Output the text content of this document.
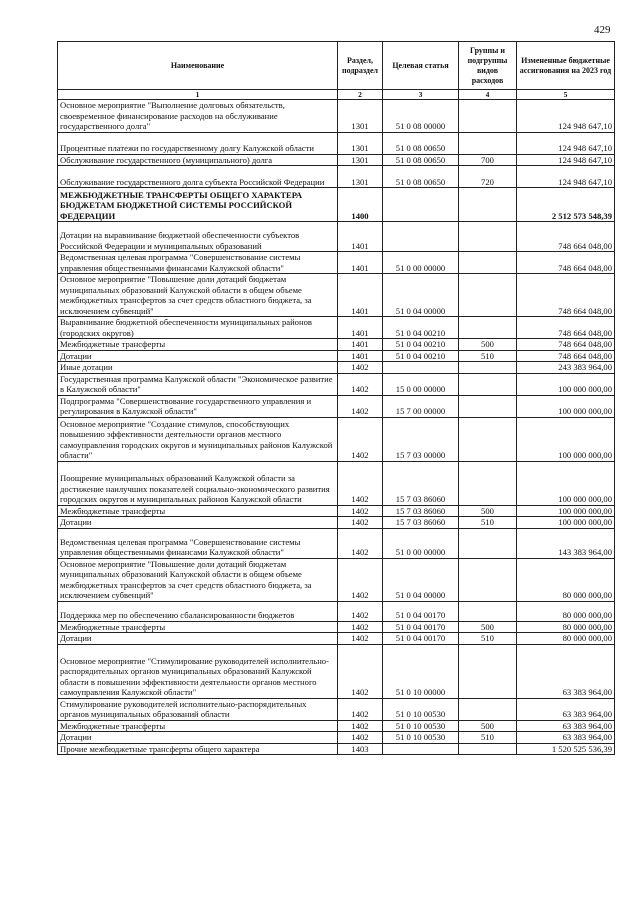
429
Наименование	Раздел, подраздел	Целевая статья	Группы и подгруппы видов расходов	Измененные бюджетные ассигнования на 2023 год
1	2	3	4	5
Основное мероприятие "Выполнение долговых обязательств, своевременное финансирование расходов на обслуживание государственного долга"	1301	51 0 08 00000		124 948 647,10
Процентные платежи по государственному долгу Калужской области	1301	51 0 08 00650		124 948 647,10
Обслуживание государственного (муниципального) долга	1301	51 0 08 00650	700	124 948 647,10
Обслуживание государственного долга субъекта Российской Федерации	1301	51 0 08 00650	720	124 948 647,10
МЕЖБЮДЖЕТНЫЕ ТРАНСФЕРТЫ ОБЩЕГО ХАРАКТЕРА БЮДЖЕТАМ БЮДЖЕТНОЙ СИСТЕМЫ РОССИЙСКОЙ ФЕДЕРАЦИИ	1400			2 512 573 548,39
Дотации на выравнивание бюджетной обеспеченности субъектов Российской Федерации и муниципальных образований	1401			748 664 048,00
Ведомственная целевая программа "Совершенствование системы управления общественными финансами Калужской области"	1401	51 0 00 00000		748 664 048,00
Основное мероприятие "Повышение доли дотаций бюджетам муниципальных образований Калужской области в общем объеме межбюджетных трансфертов за счет средств областного бюджета, за исключением субвенций"	1401	51 0 04 00000		748 664 048,00
Выравнивание бюджетной обеспеченности муниципальных районов (городских округов)	1401	51 0 04 00210		748 664 048,00
Межбюджетные трансферты	1401	51 0 04 00210	500	748 664 048,00
Дотации	1401	51 0 04 00210	510	748 664 048,00
Иные дотации	1402			243 383 964,00
Государственная программа Калужской области "Экономическое развитие в Калужской области"	1402	15 0 00 00000		100 000 000,00
Подпрограмма "Совершенствование государственного управления и регулирования в Калужской области"	1402	15 7 00 00000		100 000 000,00
Основное мероприятие "Создание стимулов, способствующих повышению эффективности деятельности органов местного самоуправления городских округов и муниципальных районов Калужской области"	1402	15 7 03 00000		100 000 000,00
Поощрение муниципальных образований Калужской области за достижение наилучших показателей социально-экономического развития городских округов и муниципальных районов Калужской области	1402	15 7 03 86060		100 000 000,00
Межбюджетные трансферты	1402	15 7 03 86060	500	100 000 000,00
Дотации	1402	15 7 03 86060	510	100 000 000,00
Ведомственная целевая программа "Совершенствование системы управления общественными финансами Калужской области"	1402	51 0 00 00000		143 383 964,00
Основное мероприятие "Повышение доли дотаций бюджетам муниципальных образований Калужской области в общем объеме межбюджетных трансфертов за счет средств областного бюджета, за исключением субвенций"	1402	51 0 04 00000		80 000 000,00
Поддержка мер по обеспечению сбалансированности бюджетов	1402	51 0 04 00170		80 000 000,00
Межбюджетные трансферты	1402	51 0 04 00170	500	80 000 000,00
Дотации	1402	51 0 04 00170	510	80 000 000,00
Основное мероприятие "Стимулирование руководителей исполнительно-распорядительных органов муниципальных образований Калужской области в повышении эффективности деятельности органов местного самоуправления Калужской области"	1402	51 0 10 00000		63 383 964,00
Стимулирование руководителей исполнительно-распорядительных органов муниципальных образований области	1402	51 0 10 00530		63 383 964,00
Межбюджетные трансферты	1402	51 0 10 00530	500	63 383 964,00
Дотации	1402	51 0 10 00530	510	63 383 964,00
Прочие межбюджетные трансферты общего характера	1403			1 520 525 536,39
